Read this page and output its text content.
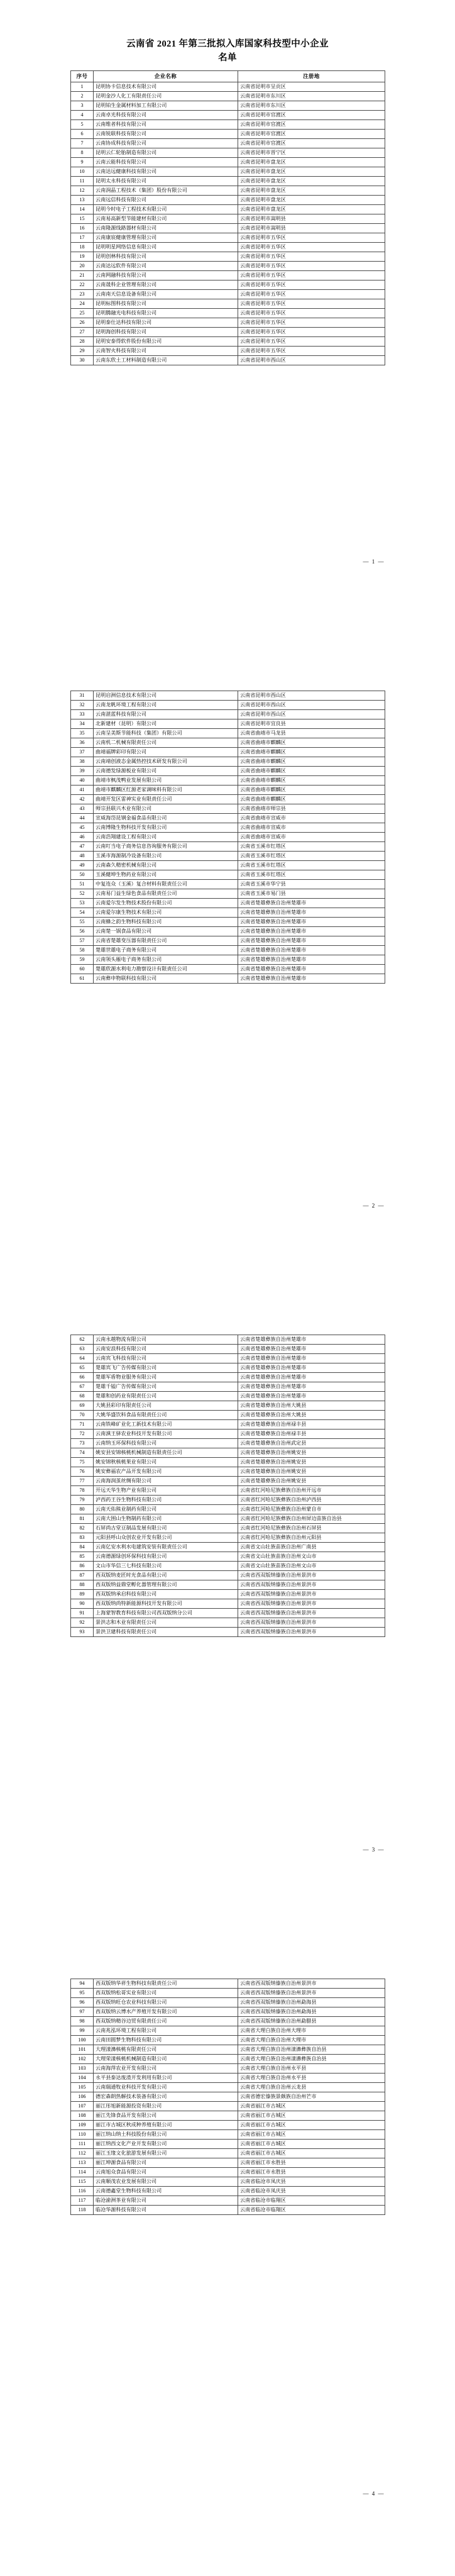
云南省 2021 年第三批拟入库国家科技型中小企业
名单
序号	企业名称	注册地
1	昆明协卡信息技术有限公司	云南省昆明市呈贡区
2	昆明金沙人化工有限责任公司	云南省昆明市东川区
3	昆明铂生金属材料加工有限公司	云南省昆明市东川区
4	云南卓光科技有限公司	云南省昆明市官渡区
5	云南维者科技有限公司	云南省昆明市官渡区
6	云南锐联科技有限公司	云南省昆明市官渡区
7	云南协成科技有限公司	云南省昆明市官渡区
8	昆明云仁轮胎制造有限公司	云南省昆明市晋宁区
9	云南云能科技有限公司	云南省昆明市盘龙区
10	云南达远健康科技有限公司	云南省昆明市盘龙区
11	昆明太永科技有限公司	云南省昆明市盘龙区
12	云南润晶工程技术（集团）股份有限公司	云南省昆明市盘龙区
13	云南远信科技有限公司	云南省昆明市盘龙区
14	昆明今时电子工程技术有限公司	云南省昆明市盘龙区
15	云南易高新型节能建材有限公司	云南省昆明市嵩明县
16	云南隆源线路器材有限公司	云南省昆明市嵩明县
17	云南康宸健康管理有限公司	云南省昆明市五华区
18	昆明明星网络信息有限公司	云南省昆明市五华区
19	昆明创林科技有限公司	云南省昆明市五华区
20	云南达远软件有限公司	云南省昆明市五华区
21	云南网融科技有限公司	云南省昆明市五华区
22	云南晟科企业管理有限公司	云南省昆明市五华区
23	云南南天信息设备有限公司	云南省昆明市五华区
24	昆明标图科技有限公司	云南省昆明市五华区
25	昆明腾融光电科技有限公司	云南省昆明市五华区
26	昆明泰仕达科技有限公司	云南省昆明市五华区
27	昆明海创科技有限公司	云南省昆明市五华区
28	昆明安泰得软件股份有限公司	云南省昆明市五华区
29	云南智火科技有限公司	云南省昆明市五华区
30	云南东欣土工材料制造有限公司	云南省昆明市西山区
— 1 —
31	昆明启洲信息技术有限公司	云南省昆明市西山区
32	云南龙帆环境工程有限公司	云南省昆明市西山区
33	云南湛蓝科技有限公司	云南省昆明市西山区
34	北新建材（昆明）有限公司	云南省昆明市宜良县
35	云南呈美斯节能科技（集团）有限公司	云南省曲靖市马龙县
36	云南机二机械有限责任公司	云南省曲靖市麒麟区
37	曲靖福牌彩印有限公司	云南省曲靖市麒麟区
38	云南靖创液态金属热控技术研发有限公司	云南省曲靖市麒麟区
39	云南德发绿源板业有限公司	云南省曲靖市麒麟区
40	曲靖市枫茂鸭业发展有限公司	云南省曲靖市麒麟区
41	曲靖市麒麟区红源老家调味料有限公司	云南省曲靖市麒麟区
42	曲靖开发区雷神实业有限责任公司	云南省曲靖市麒麟区
43	师宗县联兴木业有限公司	云南省曲靖市师宗县
44	宣威海岱昆钢金福食品有限公司	云南省曲靖市宣威市
45	云南博隆生物科技开发有限公司	云南省曲靖市宣威市
46	云南浩翔建设工程有限公司	云南省曲靖市宣威市
47	云南叮当电子商务信息咨询服务有限公司	云南省玉溪市红塔区
48	玉溪市海源制冷设备有限公司	云南省玉溪市红塔区
49	云南森久精密机械有限公司	云南省玉溪市红塔区
50	玉溪健坤生物药业有限公司	云南省玉溪市红塔区
51	中复连众（玉溪）复合材料有限责任公司	云南省玉溪市华宁县
52	云南易门益生绿色食品有限责任公司	云南省玉溪市易门县
53	云南爱尔发生物技术股份有限公司	云南省楚雄彝族自治州楚雄市
54	云南爱尔康生物技术有限公司	云南省楚雄彝族自治州楚雄市
55	云南蜂之韵生物科技有限公司	云南省楚雄彝族自治州楚雄市
56	云南楚一锅食品有限公司	云南省楚雄彝族自治州楚雄市
57	云南省楚雄变压器有限责任公司	云南省楚雄彝族自治州楚雄市
58	楚雄世雄电子商务有限公司	云南省楚雄彝族自治州楚雄市
59	云南领头雁电子商务有限公司	云南省楚雄彝族自治州楚雄市
60	楚雄欣源水利电力勘察设计有限责任公司	云南省楚雄彝族自治州楚雄市
61	云南彝申物联科技有限公司	云南省楚雄彝族自治州楚雄市
— 2 —
62	云南永越物流有限公司	云南省楚雄彝族自治州楚雄市
63	云南安浪科技有限公司	云南省楚雄彝族自治州楚雄市
64	云南宾飞科技有限公司	云南省楚雄彝族自治州楚雄市
65	楚雄宾飞广告传媒有限公司	云南省楚雄彝族自治州楚雄市
66	楚雄军盾物业服务有限公司	云南省楚雄彝族自治州楚雄市
67	楚雄千镒广告传媒有限公司	云南省楚雄彝族自治州楚雄市
68	楚雄和创药业有限责任公司	云南省楚雄彝族自治州楚雄市
69	大姚县彩印有限责任公司	云南省楚雄彝族自治州大姚县
70	大姚华盛饮料食品有限责任公司	云南省楚雄彝族自治州大姚县
71	云南铁峰矿业化工新技术有限公司	云南省楚雄彝族自治州禄丰县
72	云南滇王驿农业科技开发有限公司	云南省楚雄彝族自治州禄丰县
73	云南纳玉环保科技有限公司	云南省楚雄彝族自治州武定县
74	姚安县安锦核桃机械制造有限责任公司	云南省楚雄彝族自治州姚安县
75	姚安锦秋核桃果业有限公司	云南省楚雄彝族自治州姚安县
76	姚安彝福农产品开发有限公司	云南省楚雄彝族自治州姚安县
77	云南海润茧丝绸有限公司	云南省楚雄彝族自治州姚安县
78	开远天华生物产业有限公司	云南省红河哈尼族彝族自治州开远市
79	泸西药王谷生物科技有限公司	云南省红河哈尼族彝族自治州泸西县
80	云南天佑熊业制药有限公司	云南省红河哈尼族彝族自治州蒙自市
81	云南大围山生物制药有限公司	云南省红河哈尼族彝族自治州屏边苗族自治县
82	石屏尚古堂豆制品发展有限公司	云南省红河哈尼族彝族自治州石屏县
83	元阳县呼山众创农业开发有限公司	云南省红河哈尼族彝族自治州元阳县
84	云南亿安水利水电建筑安装有限责任公司	云南省文山壮族苗族自治州广南县
85	云南德源绿创环保科技有限公司	云南省文山壮族苗族自治州文山市
86	文山市华信三七科技有限公司	云南省文山壮族苗族自治州文山市
87	西双版纳麦匠时光食品有限公司	云南省西双版纳傣族自治州景洪市
88	西双版纳益鼎堂孵化器管理有限公司	云南省西双版纳傣族自治州景洪市
89	西双版纳承启科技有限公司	云南省西双版纳傣族自治州景洪市
90	西双版纳尚特新能源科技开发有限公司	云南省西双版纳傣族自治州景洪市
91	上海蒙智教育科技有限公司西双版纳分公司	云南省西双版纳傣族自治州景洪市
92	景洪志和木业有限责任公司	云南省西双版纳傣族自治州景洪市
93	景洪卫建科技有限责任公司	云南省西双版纳傣族自治州景洪市
— 3 —
94	西双版纳华祥生物科技有限责任公司	云南省西双版纳傣族自治州景洪市
95	西双版纳松哥实业有限公司	云南省西双版纳傣族自治州景洪市
96	西双版纳旺仓农业科技有限公司	云南省西双版纳傣族自治州勐海县
97	西双版纳云博水产养殖开发有限公司	云南省西双版纳傣族自治州勐海县
98	西双版纳精谷边贸有限责任公司	云南省西双版纳傣族自治州勐腊县
99	云南兆泓环境工程有限公司	云南省大理白族自治州大理市
100	云南田圆梦生物科技有限公司	云南省大理白族自治州大理市
101	大理漾濞核桃有限责任公司	云南省大理白族自治州漾濞彝族自治县
102	大理荣漾核桃机械制造有限公司	云南省大理白族自治州漾濞彝族自治县
103	云南海萍农业开发有限公司	云南省大理白族自治州永平县
104	永平县泰达废渣开发利用有限公司	云南省大理白族自治州永平县
105	云南瑞通牧业科技开发有限公司	云南省大理白族自治州云龙县
106	德宏森朗热解技术装备有限公司	云南省德宏傣族景颇族自治州芒市
107	丽江彤旭新能源投资有限公司	云南省丽江市古城区
108	丽江先锋食品开发有限公司	云南省丽江市古城区
109	丽江市古城区秋成种养殖有限公司	云南省丽江市古城区
110	丽江纳山纳土科技股份有限公司	云南省丽江市古城区
111	丽江纳西文化产业开发有限公司	云南省丽江市古城区
112	丽江玉缘文化旅游发展有限公司	云南省丽江市古城区
113	丽江坤源食品有限公司	云南省丽江市永胜县
114	云南旭众食品有限公司	云南省丽江市永胜县
115	云南顺茂农业发展有限公司	云南省临沧市凤庆县
116	云南德鑫堂生物科技有限公司	云南省临沧市凤庆县
117	临沧渝洲茶业有限公司	云南省临沧市临翔区
118	临沧华源科技有限公司	云南省临沧市临翔区
— 4 —
